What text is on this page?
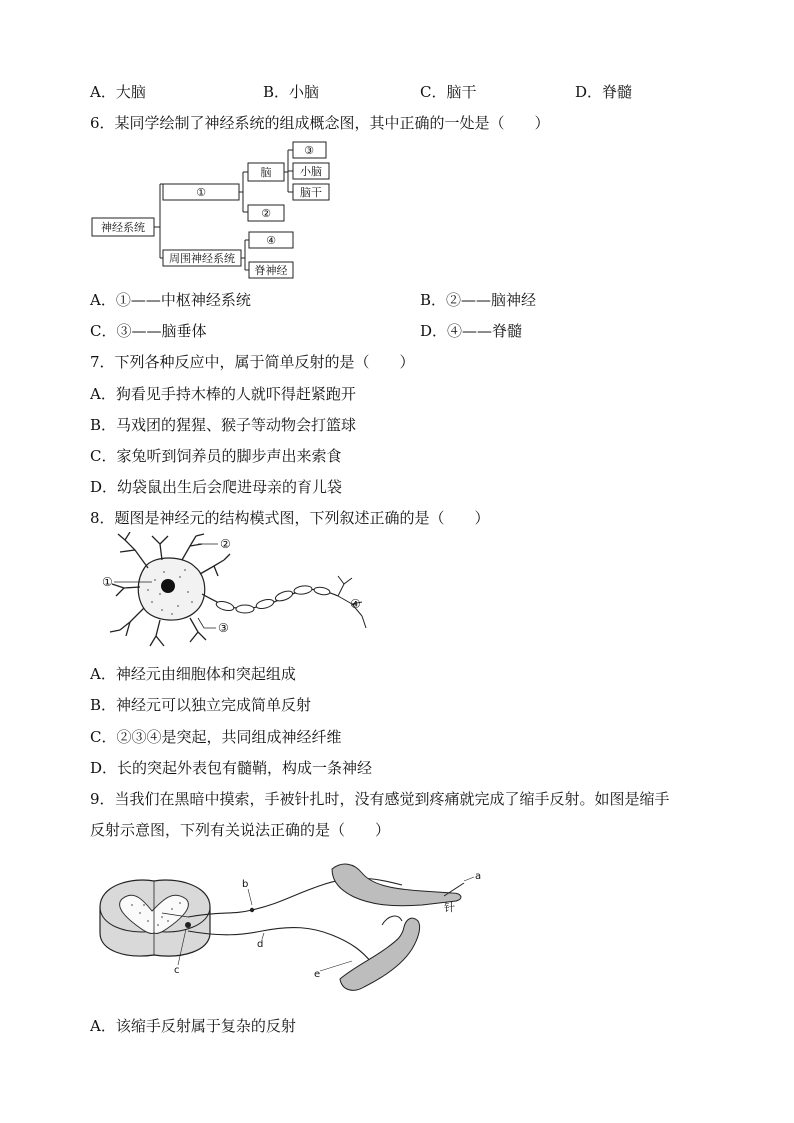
A．大脑	B．小脑	C．脑干	D．脊髓
6．某同学绘制了神经系统的组成概念图，其中正确的一处是（　　）
神经系统
①
脑
③
小脑
脑干
②
周围神经系统
④
脊神经
A．①——中枢神经系统	B．②——脑神经
C．③——脑垂体	D．④——脊髓
7．下列各种反应中，属于简单反射的是（　　）
A．狗看见手持木棒的人就吓得赶紧跑开
B．马戏团的猩猩、猴子等动物会打篮球
C．家兔听到饲养员的脚步声出来索食
D．幼袋鼠出生后会爬进母亲的育儿袋
8．题图是神经元的结构模式图，下列叙述正确的是（　　）
①
②
③
④
A．神经元由细胞体和突起组成
B．神经元可以独立完成简单反射
C．②③④是突起，共同组成神经纤维
D．长的突起外表包有髓鞘，构成一条神经
9．当我们在黑暗中摸索，手被针扎时，没有感觉到疼痛就完成了缩手反射。如图是缩手
反射示意图，下列有关说法正确的是（　　）
b
a
针
d
c	e
A．该缩手反射属于复杂的反射
